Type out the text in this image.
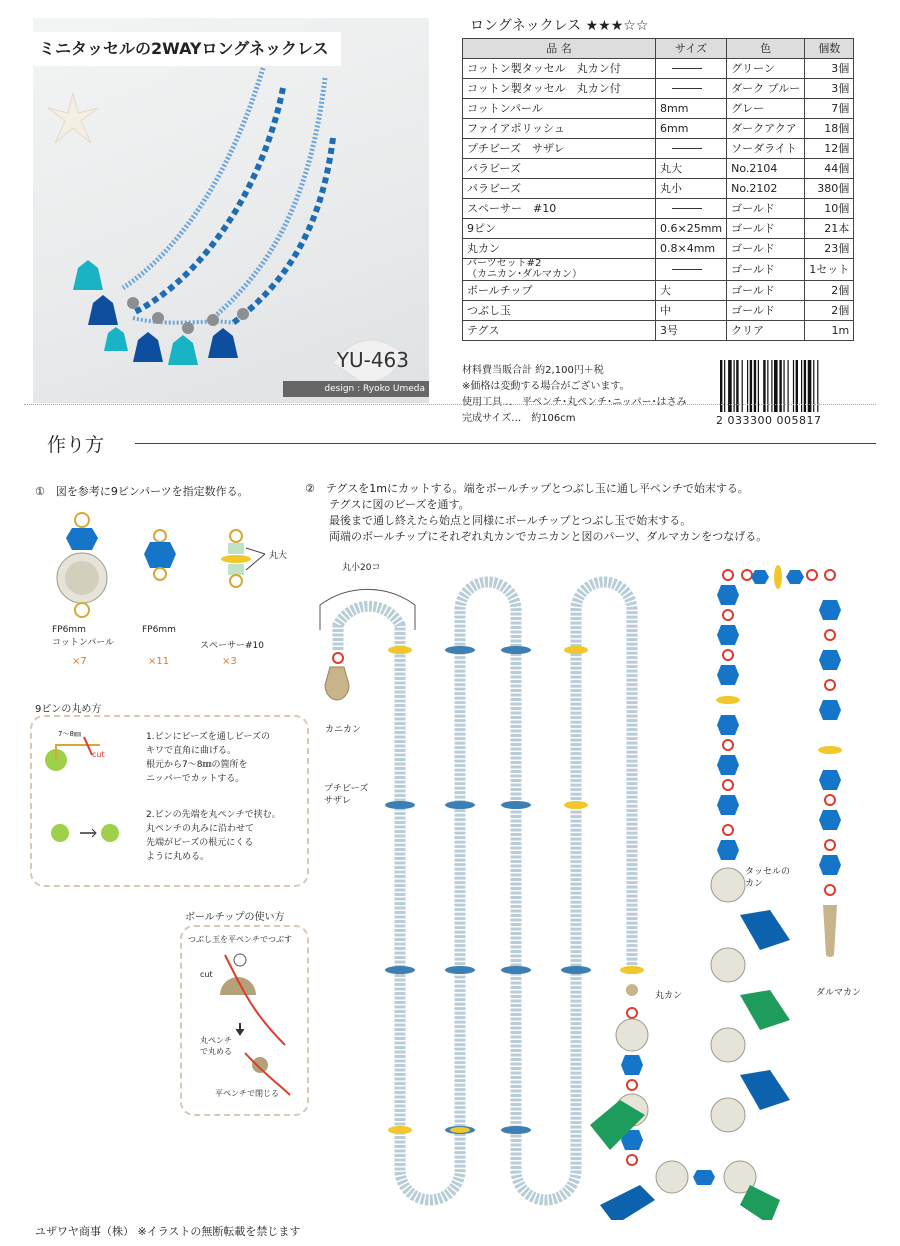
ミニタッセルの2WAYロングネックレス
YU-463
design : Ryoko Umeda
ロングネックレス ★★★☆☆
品 名	サイズ	色	個数
コットン製タッセル　丸カン付		グリーン	3個
コットン製タッセル　丸カン付		ダーク ブルー	3個
コットンパール	8mm	グレー	7個
ファイアポリッシュ	6mm	ダークアクア	18個
プチビーズ　サザレ		ソーダライト	12個
パラビーズ	丸大	No.2104	44個
パラビーズ	丸小	No.2102	380個
スペーサー　#10		ゴールド	10個
9ピン	0.6×25mm	ゴールド	21本
丸カン	0.8×4mm	ゴールド	23個
パーツセット#2
（カニカン･ダルマカン）		ゴールド	1セット
ボールチップ	大	ゴールド	2個
つぶし玉	中	ゴールド	2個
テグス	3号	クリア	1m
材料費当販合計 約2,100円＋税
※価格は変動する場合がございます。
使用工具…　平ペンチ･丸ペンチ･ニッパー･はさみ
完成サイズ…　約106cm	2 033300 005817
作り方
①　図を参考に9ピンパーツを指定数作る。	②　テグスを1mにカットする。端をボールチップとつぶし玉に通し平ペンチで始末する。
テグスに図のビーズを通す。
最後まで通し終えたら始点と同様にボールチップとつぶし玉で始末する。
両端のボールチップにそれぞれ丸カンでカニカンと図のパーツ、ダルマカンをつなげる。
丸大
FP6mm
コットンパール
×7
FP6mm
×11
スペーサー#10
×3
9ピンの丸め方
7〜8㎜
cut
1.ピンにビーズを通しビーズの
キワで直角に曲げる。
根元から7〜8㎜の箇所を
ニッパーでカットする。
2.ピンの先端を丸ペンチで挟む。
丸ペンチの丸みに沿わせて
先端がビーズの根元にくる
ように丸める。
ボールチップの使い方
つぶし玉を平ペンチでつぶす
cut
丸ペンチ
で丸める
平ペンチで閉じる
丸小20コ
カニカン
プチビーズ
サザレ
丸カン
タッセルの
カン
ダルマカン
ユザワヤ商事（株） ※イラストの無断転載を禁じます
